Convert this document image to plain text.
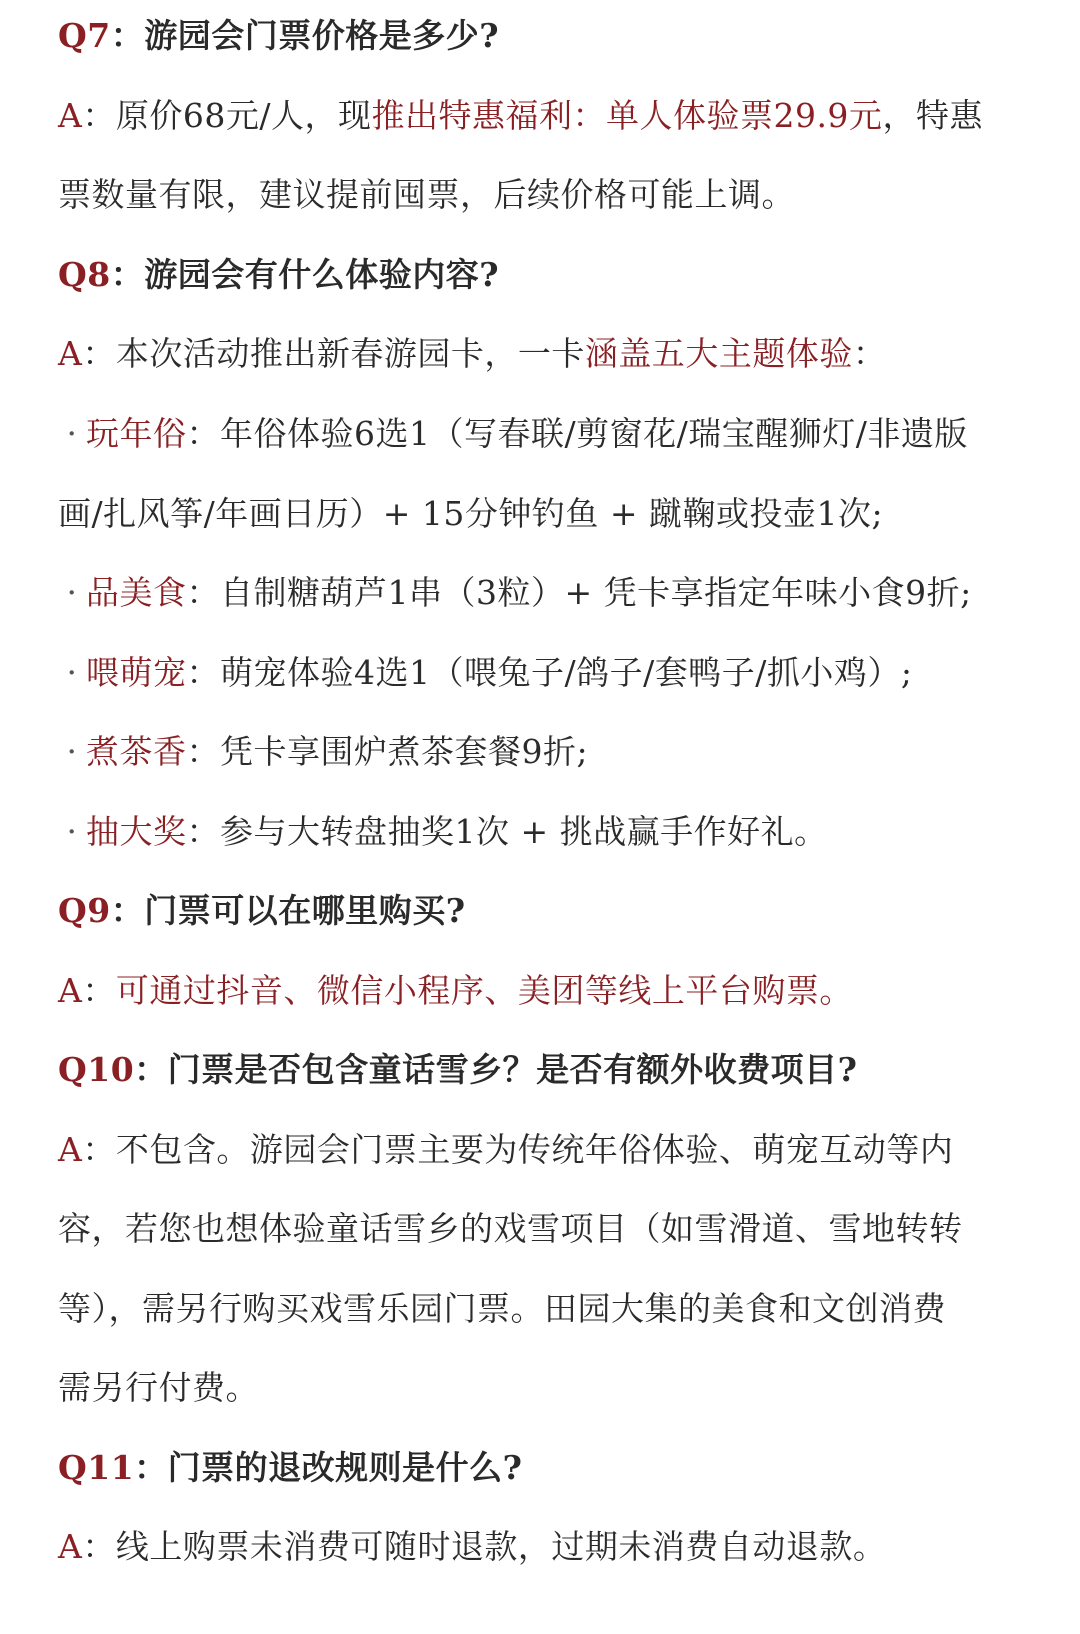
Q7：游园会门票价格是多少?
A：原价68元/人，现推出特惠福利：单人体验票29.9元，特惠
票数量有限，建议提前囤票，后续价格可能上调。
Q8：游园会有什么体验内容?
A：本次活动推出新春游园卡，一卡涵盖五大主题体验：
· 玩年俗：年俗体验6选1（写春联/剪窗花/瑞宝醒狮灯/非遗版
画/扎风筝/年画日历）+ 15分钟钓鱼 + 蹴鞠或投壶1次;
· 品美食：自制糖葫芦1串（3粒）+ 凭卡享指定年味小食9折;
· 喂萌宠：萌宠体验4选1（喂兔子/鸽子/套鸭子/抓小鸡）;
· 煮茶香：凭卡享围炉煮茶套餐9折;
· 抽大奖：参与大转盘抽奖1次 + 挑战赢手作好礼。
Q9：门票可以在哪里购买?
A：可通过抖音、微信小程序、美团等线上平台购票。
Q10：门票是否包含童话雪乡？是否有额外收费项目?
A：不包含。游园会门票主要为传统年俗体验、萌宠互动等内
容，若您也想体验童话雪乡的戏雪项目（如雪滑道、雪地转转
等），需另行购买戏雪乐园门票。田园大集的美食和文创消费
需另行付费。
Q11：门票的退改规则是什么?
A：线上购票未消费可随时退款，过期未消费自动退款。
